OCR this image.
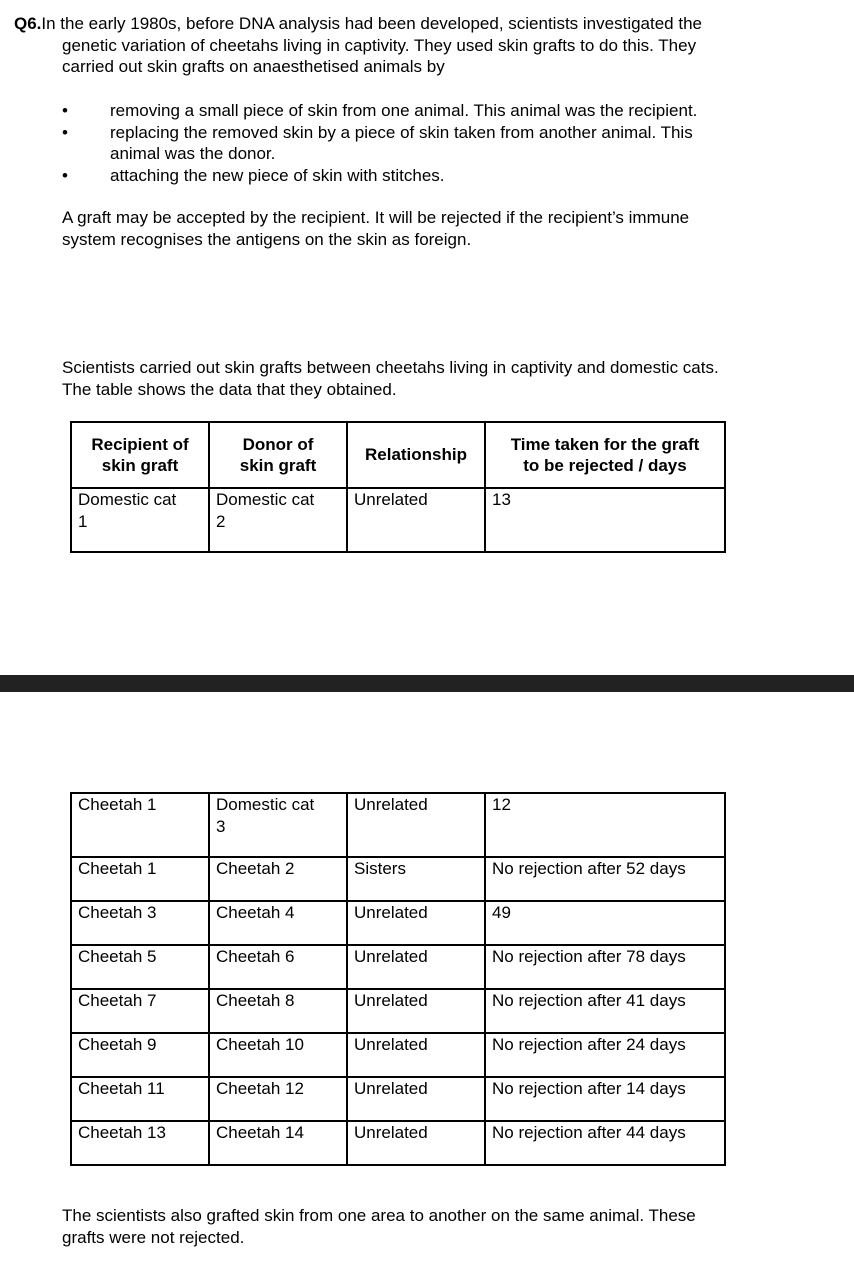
Q6.In the early 1980s, before DNA analysis had been developed, scientists investigated the
genetic variation of cheetahs living in captivity. They used skin grafts to do this. They
carried out skin grafts on anaesthetised animals by
• removing a small piece of skin from one animal. This animal was the recipient.
• replacing the removed skin by a piece of skin taken from another animal. This
animal was the donor.
• attaching the new piece of skin with stitches.

A graft may be accepted by the recipient. It will be rejected if the recipient’s immune
system recognises the antigens on the skin as foreign.

Scientists carried out skin grafts between cheetahs living in captivity and domestic cats.
The table shows the data that they obtained.

Recipient of
skin graft	Donor of
skin graft	Relationship	Time taken for the graft
to be rejected / days
Domestic cat
1	Domestic cat
2	Unrelated	13
Cheetah 1	Domestic cat
3	Unrelated	12
Cheetah 1	Cheetah 2	Sisters	No rejection after 52 days
Cheetah 3	Cheetah 4	Unrelated	49
Cheetah 5	Cheetah 6	Unrelated	No rejection after 78 days
Cheetah 7	Cheetah 8	Unrelated	No rejection after 41 days
Cheetah 9	Cheetah 10	Unrelated	No rejection after 24 days
Cheetah 11	Cheetah 12	Unrelated	No rejection after 14 days
Cheetah 13	Cheetah 14	Unrelated	No rejection after 44 days

The scientists also grafted skin from one area to another on the same animal. These
grafts were not rejected.
